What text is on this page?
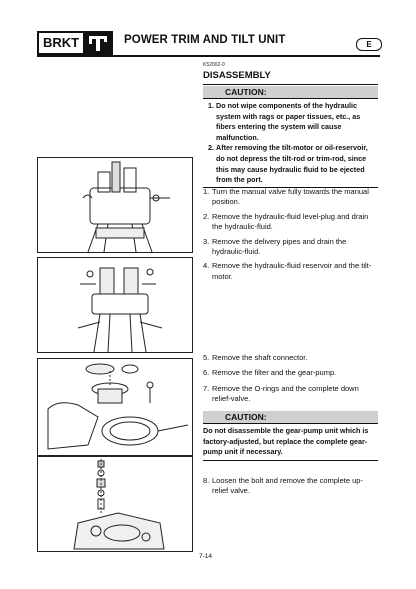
BRKT	POWER TRIM AND TILT UNIT	E
K52002-0
DISASSEMBLY
CAUTION:
1. Do not wipe components of the hydraulic system with rags or paper tissues, etc., as fibers entering the system will cause malfunction.
2. After removing the tilt-motor or oil-reservoir, do not depress the tilt-rod or trim-rod, since this may cause hydraulic fluid to be ejected from the port.
1. Turn the manual valve fully towards the manual position.
2. Remove the hydraulic-fluid level-plug and drain the hydraulic-fluid.
3. Remove the delivery pipes and drain the hydraulic-fluid.
4. Remove the hydraulic-fluid reservoir and the tilt-motor.
5. Remove the shaft connector.
6. Remove the filter and the gear-pump.
7. Remove the O-rings and the complete down relief-valve.
CAUTION:
Do not disassemble the gear-pump unit which is factory-adjusted, but replace the complete gear-pump unit if necessary.
8. Loosen the bolt and remove the complete up-relief valve.
7-14
